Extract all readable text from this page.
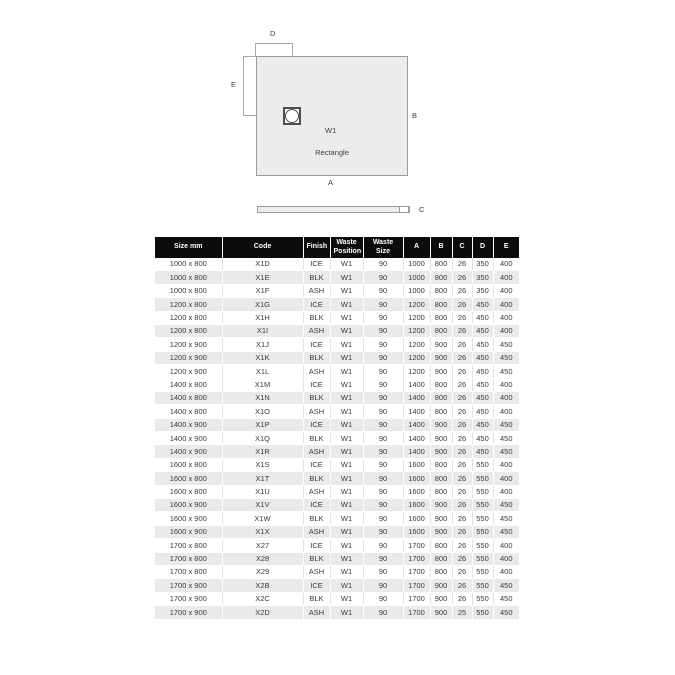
D
E
B
A
W1
Rectangle
C
Size mm	Code	Finish	Waste Position	Waste Size	A	B	C	D	E
1000 x 800	X1D	ICE	W1	90	1000	800	26	350	400
1000 x 800	X1E	BLK	W1	90	1000	800	26	350	400
1000 x 800	X1F	ASH	W1	90	1000	800	26	350	400
1200 x 800	X1G	ICE	W1	90	1200	800	26	450	400
1200 x 800	X1H	BLK	W1	90	1200	800	26	450	400
1200 x 800	X1I	ASH	W1	90	1200	800	26	450	400
1200 x 900	X1J	ICE	W1	90	1200	900	26	450	450
1200 x 900	X1K	BLK	W1	90	1200	900	26	450	450
1200 x 900	X1L	ASH	W1	90	1200	900	26	450	450
1400 x 800	X1M	ICE	W1	90	1400	800	26	450	400
1400 x 800	X1N	BLK	W1	90	1400	800	26	450	400
1400 x 800	X1O	ASH	W1	90	1400	800	26	450	400
1400 x 900	X1P	ICE	W1	90	1400	900	26	450	450
1400 x 900	X1Q	BLK	W1	90	1400	900	26	450	450
1400 x 900	X1R	ASH	W1	90	1400	900	26	450	450
1600 x 800	X1S	ICE	W1	90	1600	800	26	550	400
1600 x 800	X1T	BLK	W1	90	1600	800	26	550	400
1600 x 800	X1U	ASH	W1	90	1600	800	26	550	400
1600 x 900	X1V	ICE	W1	90	1600	900	26	550	450
1600 x 900	X1W	BLK	W1	90	1600	900	26	550	450
1600 x 900	X1X	ASH	W1	90	1600	900	26	550	450
1700 x 800	X27	ICE	W1	90	1700	800	26	550	400
1700 x 800	X28	BLK	W1	90	1700	800	26	550	400
1700 x 800	X29	ASH	W1	90	1700	800	26	550	400
1700 x 900	X2B	ICE	W1	90	1700	900	26	550	450
1700 x 900	X2C	BLK	W1	90	1700	900	26	550	450
1700 x 900	X2D	ASH	W1	90	1700	900	25	550	450
